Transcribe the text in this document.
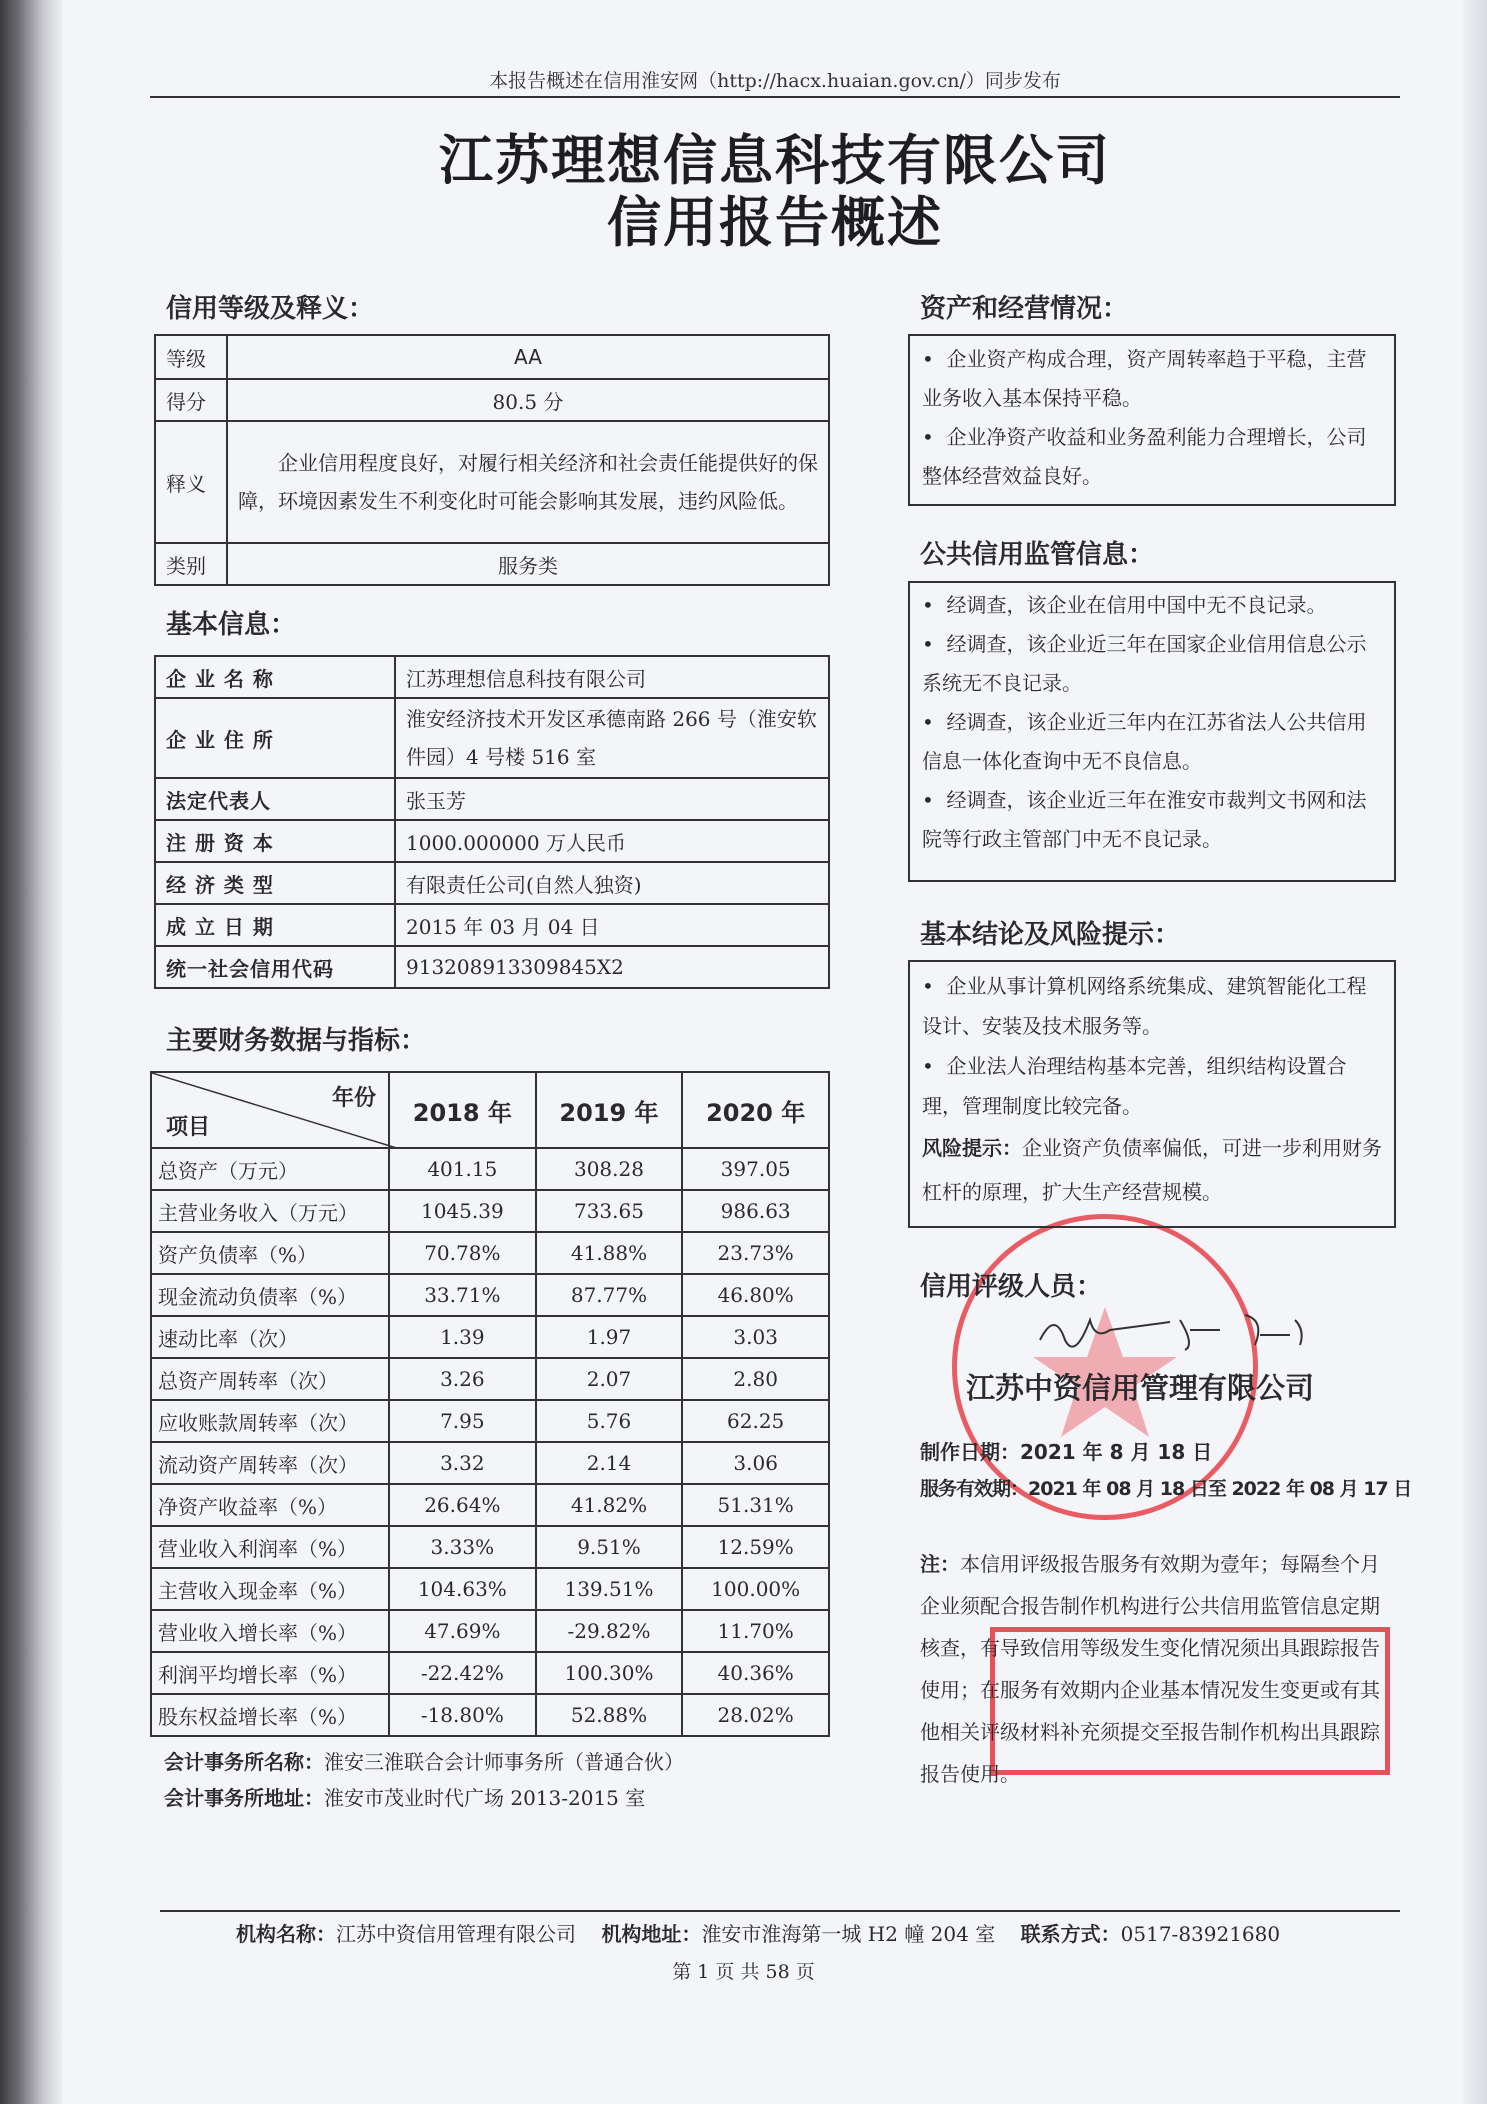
本报告概述在信用淮安网（http://hacx.huaian.gov.cn/）同步发布
江苏理想信息科技有限公司
信用报告概述
信用等级及释义：
等级	AA
得分	80.5 分
释义	企业信用程度良好，对履行相关经济和社会责任能提供好的保障，环境因素发生不利变化时可能会影响其发展，违约风险低。
类别	服务类
基本信息：
企 业 名 称	江苏理想信息科技有限公司
企 业 住 所	淮安经济技术开发区承德南路 266 号（淮安软件园）4 号楼 516 室
法定代表人	张玉芳
注 册 资 本	1000.000000 万人民币
经 济 类 型	有限责任公司(自然人独资)
成 立 日 期	2015 年 03 月 04 日
统一社会信用代码	913208913309845X2
主要财务数据与指标：
年份
项目	2018 年	2019 年	2020 年
总资产（万元）	401.15	308.28	397.05
主营业务收入（万元）	1045.39	733.65	986.63
资产负债率（%）	70.78%	41.88%	23.73%
现金流动负债率（%）	33.71%	87.77%	46.80%
速动比率（次）	1.39	1.97	3.03
总资产周转率（次）	3.26	2.07	2.80
应收账款周转率（次）	7.95	5.76	62.25
流动资产周转率（次）	3.32	2.14	3.06
净资产收益率（%）	26.64%	41.82%	51.31%
营业收入利润率（%）	3.33%	9.51%	12.59%
主营收入现金率（%）	104.63%	139.51%	100.00%
营业收入增长率（%）	47.69%	-29.82%	11.70%
利润平均增长率（%）	-22.42%	100.30%	40.36%
股东权益增长率（%）	-18.80%	52.88%	28.02%
会计事务所名称：淮安三淮联合会计师事务所（普通合伙）
会计事务所地址：淮安市茂业时代广场 2013-2015 室
资产和经营情况：

•  企业资产构成合理，资产周转率趋于平稳，主营业务收入基本保持平稳。

•  企业净资产收益和业务盈利能力合理增长，公司整体经营效益良好。

公共信用监管信息：

•  经调查，该企业在信用中国中无不良记录。

•  经调查，该企业近三年在国家企业信用信息公示系统无不良记录。

•  经调查，该企业近三年内在江苏省法人公共信用信息一体化查询中无不良信息。

•  经调查，该企业近三年在淮安市裁判文书网和法院等行政主管部门中无不良记录。

基本结论及风险提示：

•  企业从事计算机网络系统集成、建筑智能化工程设计、安装及技术服务等。

•  企业法人治理结构基本完善，组织结构设置合理，管理制度比较完备。

风险提示：企业资产负债率偏低，可进一步利用财务杠杆的原理，扩大生产经营规模。

信用评级人员：
江苏中资信用管理有限公司
制作日期：2021 年 8 月 18 日
服务有效期：2021 年 08 月 18 日至 2022 年 08 月 17 日
注：本信用评级报告服务有效期为壹年；每隔叁个月企业须配合报告制作机构进行公共信用监管信息定期核查，有导致信用等级发生变化情况须出具跟踪报告使用；在服务有效期内企业基本情况发生变更或有其他相关评级材料补充须提交至报告制作机构出具跟踪报告使用。
机构名称：江苏中资信用管理有限公司 机构地址：淮安市淮海第一城 H2 幢 204 室 联系方式：0517-83921680
第 1 页 共 58 页
